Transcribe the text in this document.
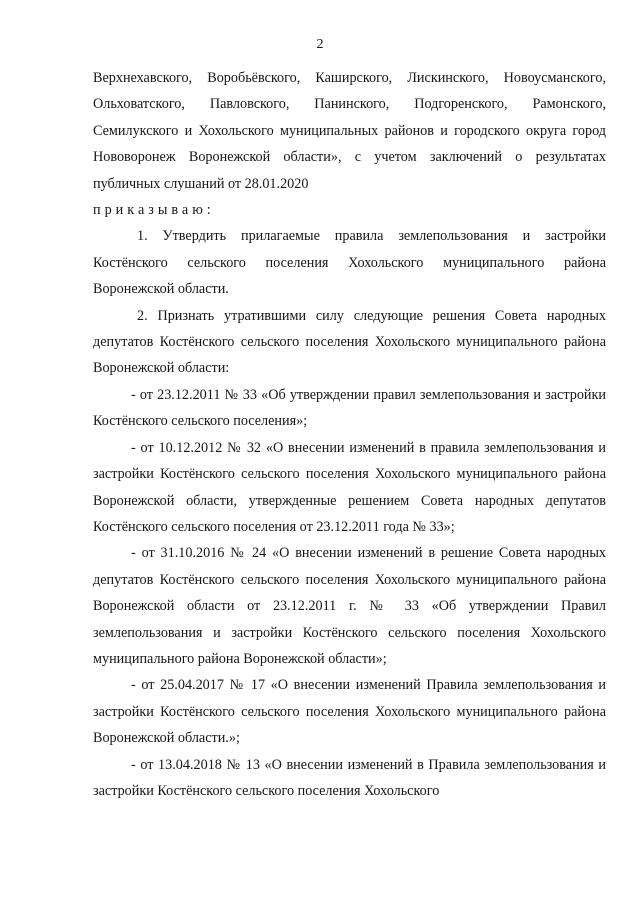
2

Верхнехавского, Воробьёвского, Каширского, Лискинского, Новоусманского, Ольховатского, Павловского, Панинского, Подгоренского, Рамонского, Семилукского и Хохольского муниципальных районов и городского округа город Нововоронеж Воронежской области», с учетом заключений о результатах публичных слушаний от 28.01.2020

приказываю:

1. Утвердить прилагаемые правила землепользования и застройки Костёнского сельского поселения Хохольского муниципального района Воронежской области.

2. Признать утратившими силу следующие решения Совета народных депутатов Костёнского сельского поселения Хохольского муниципального района Воронежской области:

- от 23.12.2011 № 33 «Об утверждении правил землепользования и застройки Костёнского сельского поселения»;

- от 10.12.2012 № 32 «О внесении изменений в правила землепользования и застройки Костёнского сельского поселения Хохольского муниципального района Воронежской области, утвержденные решением Совета народных депутатов Костёнского сельского поселения от 23.12.2011 года № 33»;

- от 31.10.2016 № 24 «О внесении изменений в решение Совета народных депутатов Костёнского сельского поселения Хохольского муниципального района Воронежской области от 23.12.2011 г. № 33 «Об утверждении Правил землепользования и застройки Костёнского сельского поселения Хохольского муниципального района Воронежской области»;

- от 25.04.2017 № 17 «О внесении изменений Правила землепользования и застройки Костёнского сельского поселения Хохольского муниципального района Воронежской области.»;

- от 13.04.2018 № 13 «О внесении изменений в Правила землепользования и застройки Костёнского сельского поселения Хохольского
